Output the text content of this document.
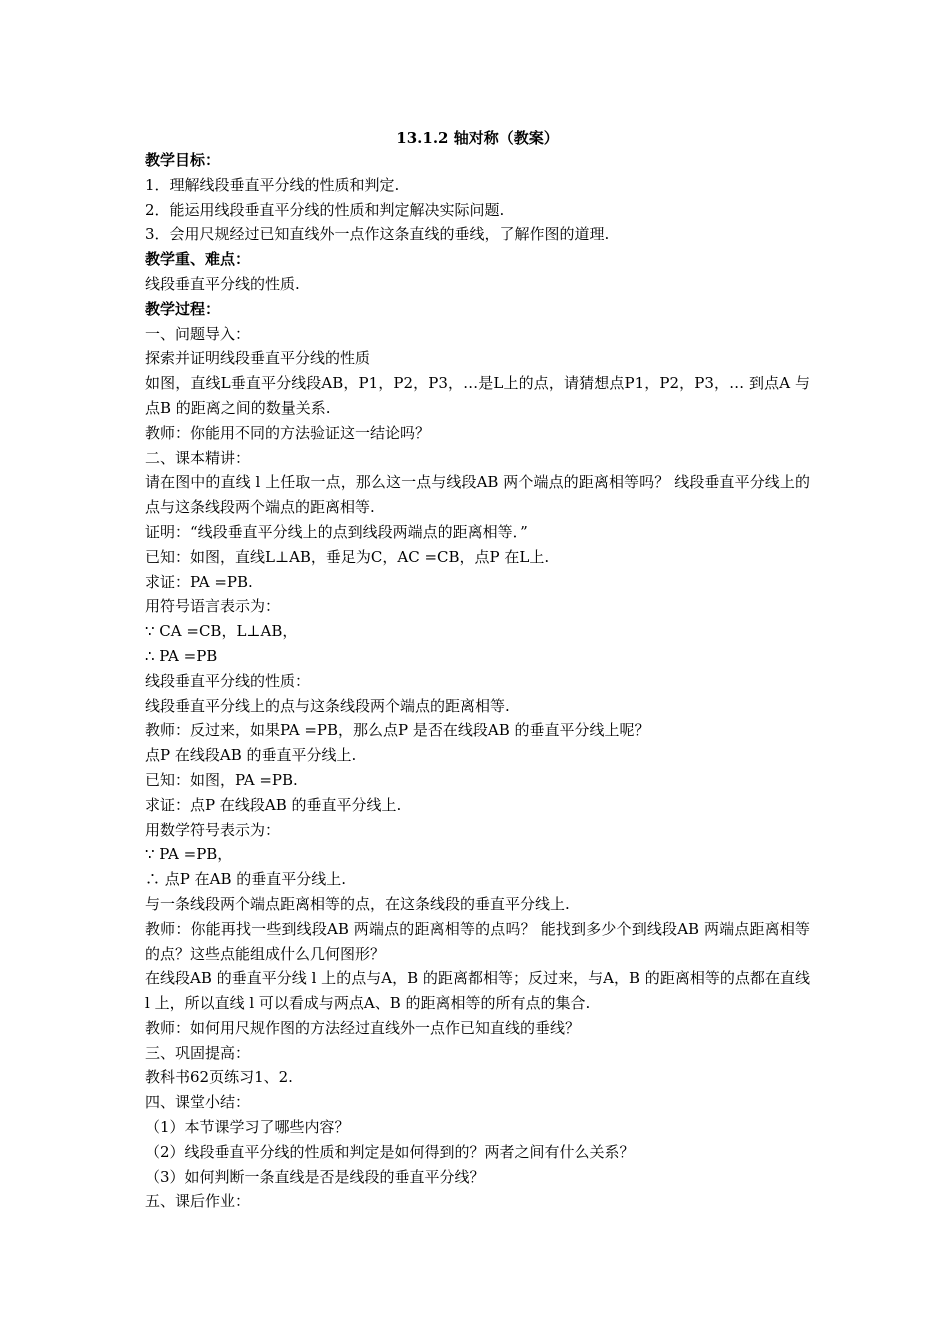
13.1.2 轴对称（教案）

教学目标：

1．理解线段垂直平分线的性质和判定.

2．能运用线段垂直平分线的性质和判定解决实际问题.

3．会用尺规经过已知直线外一点作这条直线的垂线，了解作图的道理.

教学重、难点：

线段垂直平分线的性质.

教学过程：

一、问题导入：

探索并证明线段垂直平分线的性质

如图，直线L垂直平分线段AB，P1，P2，P3，…是L上的点，请猜想点P1，P2，P3，… 到点A 与点B 的距离之间的数量关系.

教师：你能用不同的方法验证这一结论吗？

二、课本精讲：

请在图中的直线 l 上任取一点，那么这一点与线段AB 两个端点的距离相等吗？ 线段垂直平分线上的点与这条线段两个端点的距离相等.

证明：“线段垂直平分线上的点到线段两端点的距离相等．”

已知：如图，直线L⊥AB，垂足为C，AC =CB，点P 在L上.

求证：PA =PB.

用符号语言表示为：

∵ CA =CB，L⊥AB，

∴ PA =PB

线段垂直平分线的性质：

线段垂直平分线上的点与这条线段两个端点的距离相等.

教师：反过来，如果PA =PB，那么点P 是否在线段AB 的垂直平分线上呢？

点P 在线段AB 的垂直平分线上.

已知：如图，PA =PB.

求证：点P 在线段AB 的垂直平分线上.

用数学符号表示为：

∵ PA =PB，

∴ 点P 在AB 的垂直平分线上.

与一条线段两个端点距离相等的点，在这条线段的垂直平分线上.

教师：你能再找一些到线段AB 两端点的距离相等的点吗？ 能找到多少个到线段AB 两端点距离相等的点？这些点能组成什么几何图形？

在线段AB 的垂直平分线 l 上的点与A，B 的距离都相等；反过来，与A，B 的距离相等的点都在直线 l 上，所以直线 l 可以看成与两点A、B 的距离相等的所有点的集合.

教师：如何用尺规作图的方法经过直线外一点作已知直线的垂线？

三、巩固提高：

教科书62页练习1、2.

四、课堂小结：

（1）本节课学习了哪些内容？

（2）线段垂直平分线的性质和判定是如何得到的？两者之间有什么关系？

（3）如何判断一条直线是否是线段的垂直平分线？

五、课后作业：
